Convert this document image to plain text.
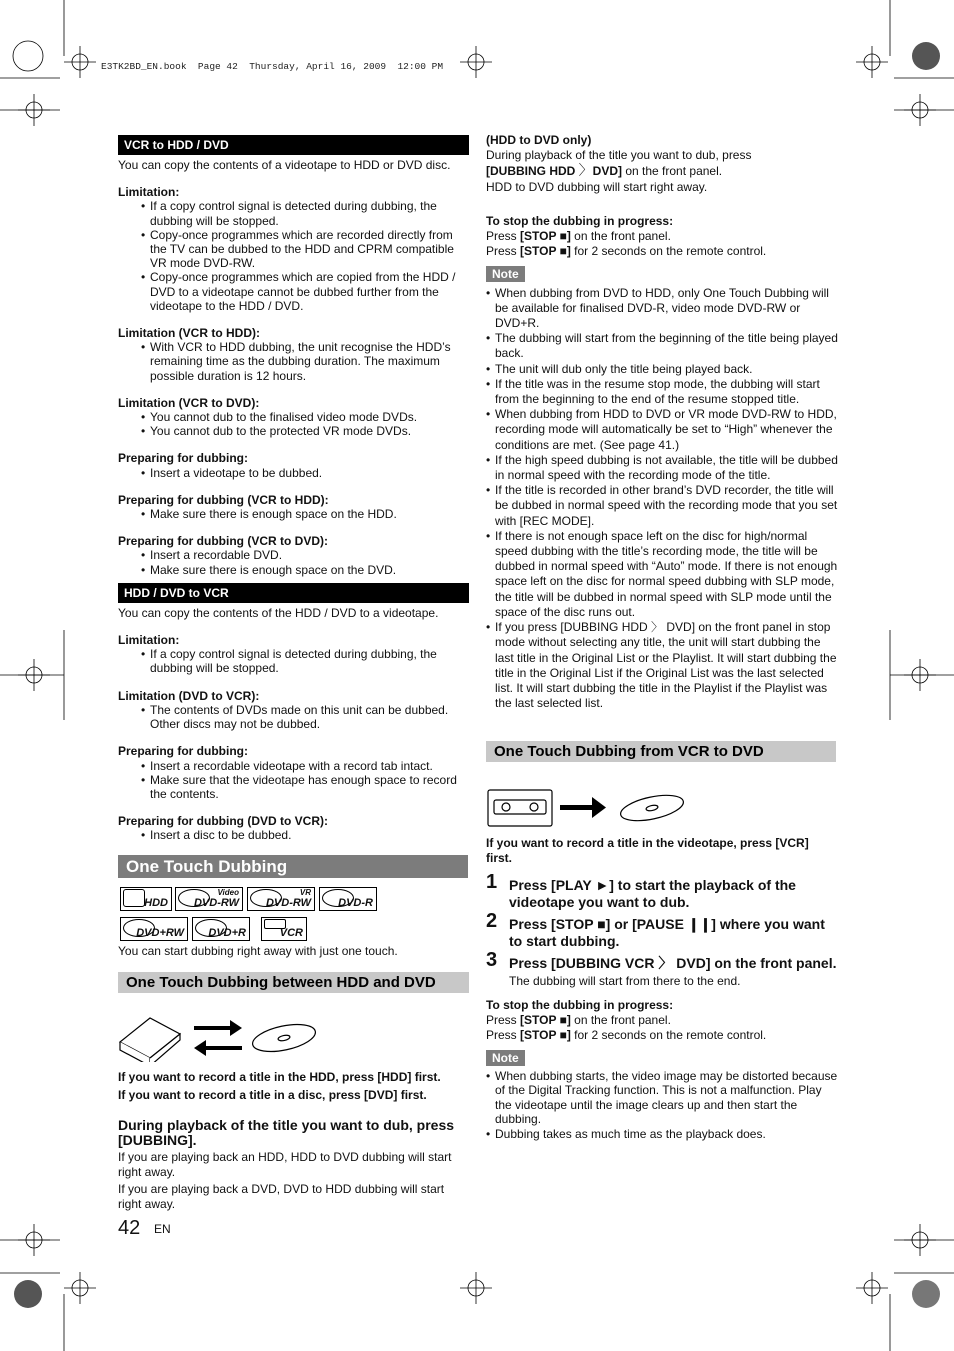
E3TK2BD_EN.book  Page 42  Thursday, April 16, 2009  12:00 PM
VCR to HDD / DVD

You can copy the contents of a videotape to HDD or DVD disc.

Limitation:

• If a copy control signal is detected during dubbing, the dubbing will be stopped.
• Copy-once programmes which are recorded directly from the TV can be dubbed to the HDD and CPRM compatible VR mode DVD-RW.
• Copy-once programmes which are copied from the HDD / DVD to a videotape cannot be dubbed further from the videotape to the HDD / DVD.

Limitation (VCR to HDD):

• With VCR to HDD dubbing, the unit recognise the HDD’s remaining time as the dubbing duration. The maximum possible duration is 12 hours.

Limitation (VCR to DVD):

• You cannot dub to the finalised video mode DVDs.
• You cannot dub to the protected VR mode DVDs.

Preparing for dubbing:

• Insert a videotape to be dubbed.

Preparing for dubbing (VCR to HDD):

• Make sure there is enough space on the HDD.

Preparing for dubbing (VCR to DVD):

• Insert a recordable DVD.
• Make sure there is enough space on the DVD.
HDD / DVD to VCR

You can copy the contents of the HDD / DVD to a videotape.

Limitation:

• If a copy control signal is detected during dubbing, the dubbing will be stopped.

Limitation (DVD to VCR):

• The contents of DVDs made on this unit can be dubbed. Other discs may not be dubbed.

Preparing for dubbing:

• Insert a recordable videotape with a record tab intact.
• Make sure that the videotape has enough space to record the contents.

Preparing for dubbing (DVD to VCR):

• Insert a disc to be dubbed.
One Touch Dubbing
HDD
Video
DVD-RW
VR
DVD-RW DVD-R
DVD+RW DVD+R	VCR

You can start dubbing right away with just one touch.

One Touch Dubbing between HDD and DVD

If you want to record a title in the HDD, press [HDD] first.

If you want to record a title in a disc, press [DVD] first.

During playback of the title you want to dub, press [DUBBING].

If you are playing back an HDD, HDD to DVD dubbing will start right away.

If you are playing back a DVD, DVD to HDD dubbing will start right away.

42 EN

(HDD to DVD only)

During playback of the title you want to dub, press

[DUBBING HDD 〉DVD] on the front panel.

HDD to DVD dubbing will start right away.

To stop the dubbing in progress:

Press [STOP ■] on the front panel.

Press [STOP ■] for 2 seconds on the remote control.

Note
• When dubbing from DVD to HDD, only One Touch Dubbing will be available for finalised DVD-R, video mode DVD-RW or DVD+R.
• The dubbing will start from the beginning of the title being played back.
• The unit will dub only the title being played back.
• If the title was in the resume stop mode, the dubbing will start from the beginning to the end of the resume stopped title.
• When dubbing from HDD to DVD or VR mode DVD-RW to HDD, recording mode will automatically be set to “High” whenever the conditions are met. (See page 41.)
• If the high speed dubbing is not available, the title will be dubbed in normal speed with the recording mode of the title.
• If the title is recorded in other brand’s DVD recorder, the title will be dubbed in normal speed with the recording mode that you set with [REC MODE].
• If there is not enough space left on the disc for high/normal speed dubbing with the title’s recording mode, the title will be dubbed in normal speed with “Auto” mode. If there is not enough space left on the disc for normal speed dubbing with SLP mode, the title will be dubbed in normal speed with SLP mode until the space of the disc runs out.
• If you press [DUBBING HDD 〉 DVD] on the front panel in stop mode without selecting any title, the unit will start dubbing the last title in the Original List or the Playlist. It will start dubbing the title in the Original List if the Original List was the last selected list. It will start dubbing the title in the Playlist if the Playlist was the last selected list.
One Touch Dubbing from VCR to DVD

If you want to record a title in the videotape, press [VCR] first.

1 Press [PLAY ►] to start the playback of the videotape you want to dub.
2 Press [STOP ■] or [PAUSE ❙❙] where you want to start dubbing.
3 Press [DUBBING VCR 〉 DVD] on the front panel.

The dubbing will start from there to the end.

To stop the dubbing in progress:

Press [STOP ■] on the front panel.

Press [STOP ■] for 2 seconds on the remote control.

Note
• When dubbing starts, the video image may be distorted because of the Digital Tracking function. This is not a malfunction. Play the videotape until the image clears up and then start the dubbing.
• Dubbing takes as much time as the playback does.
